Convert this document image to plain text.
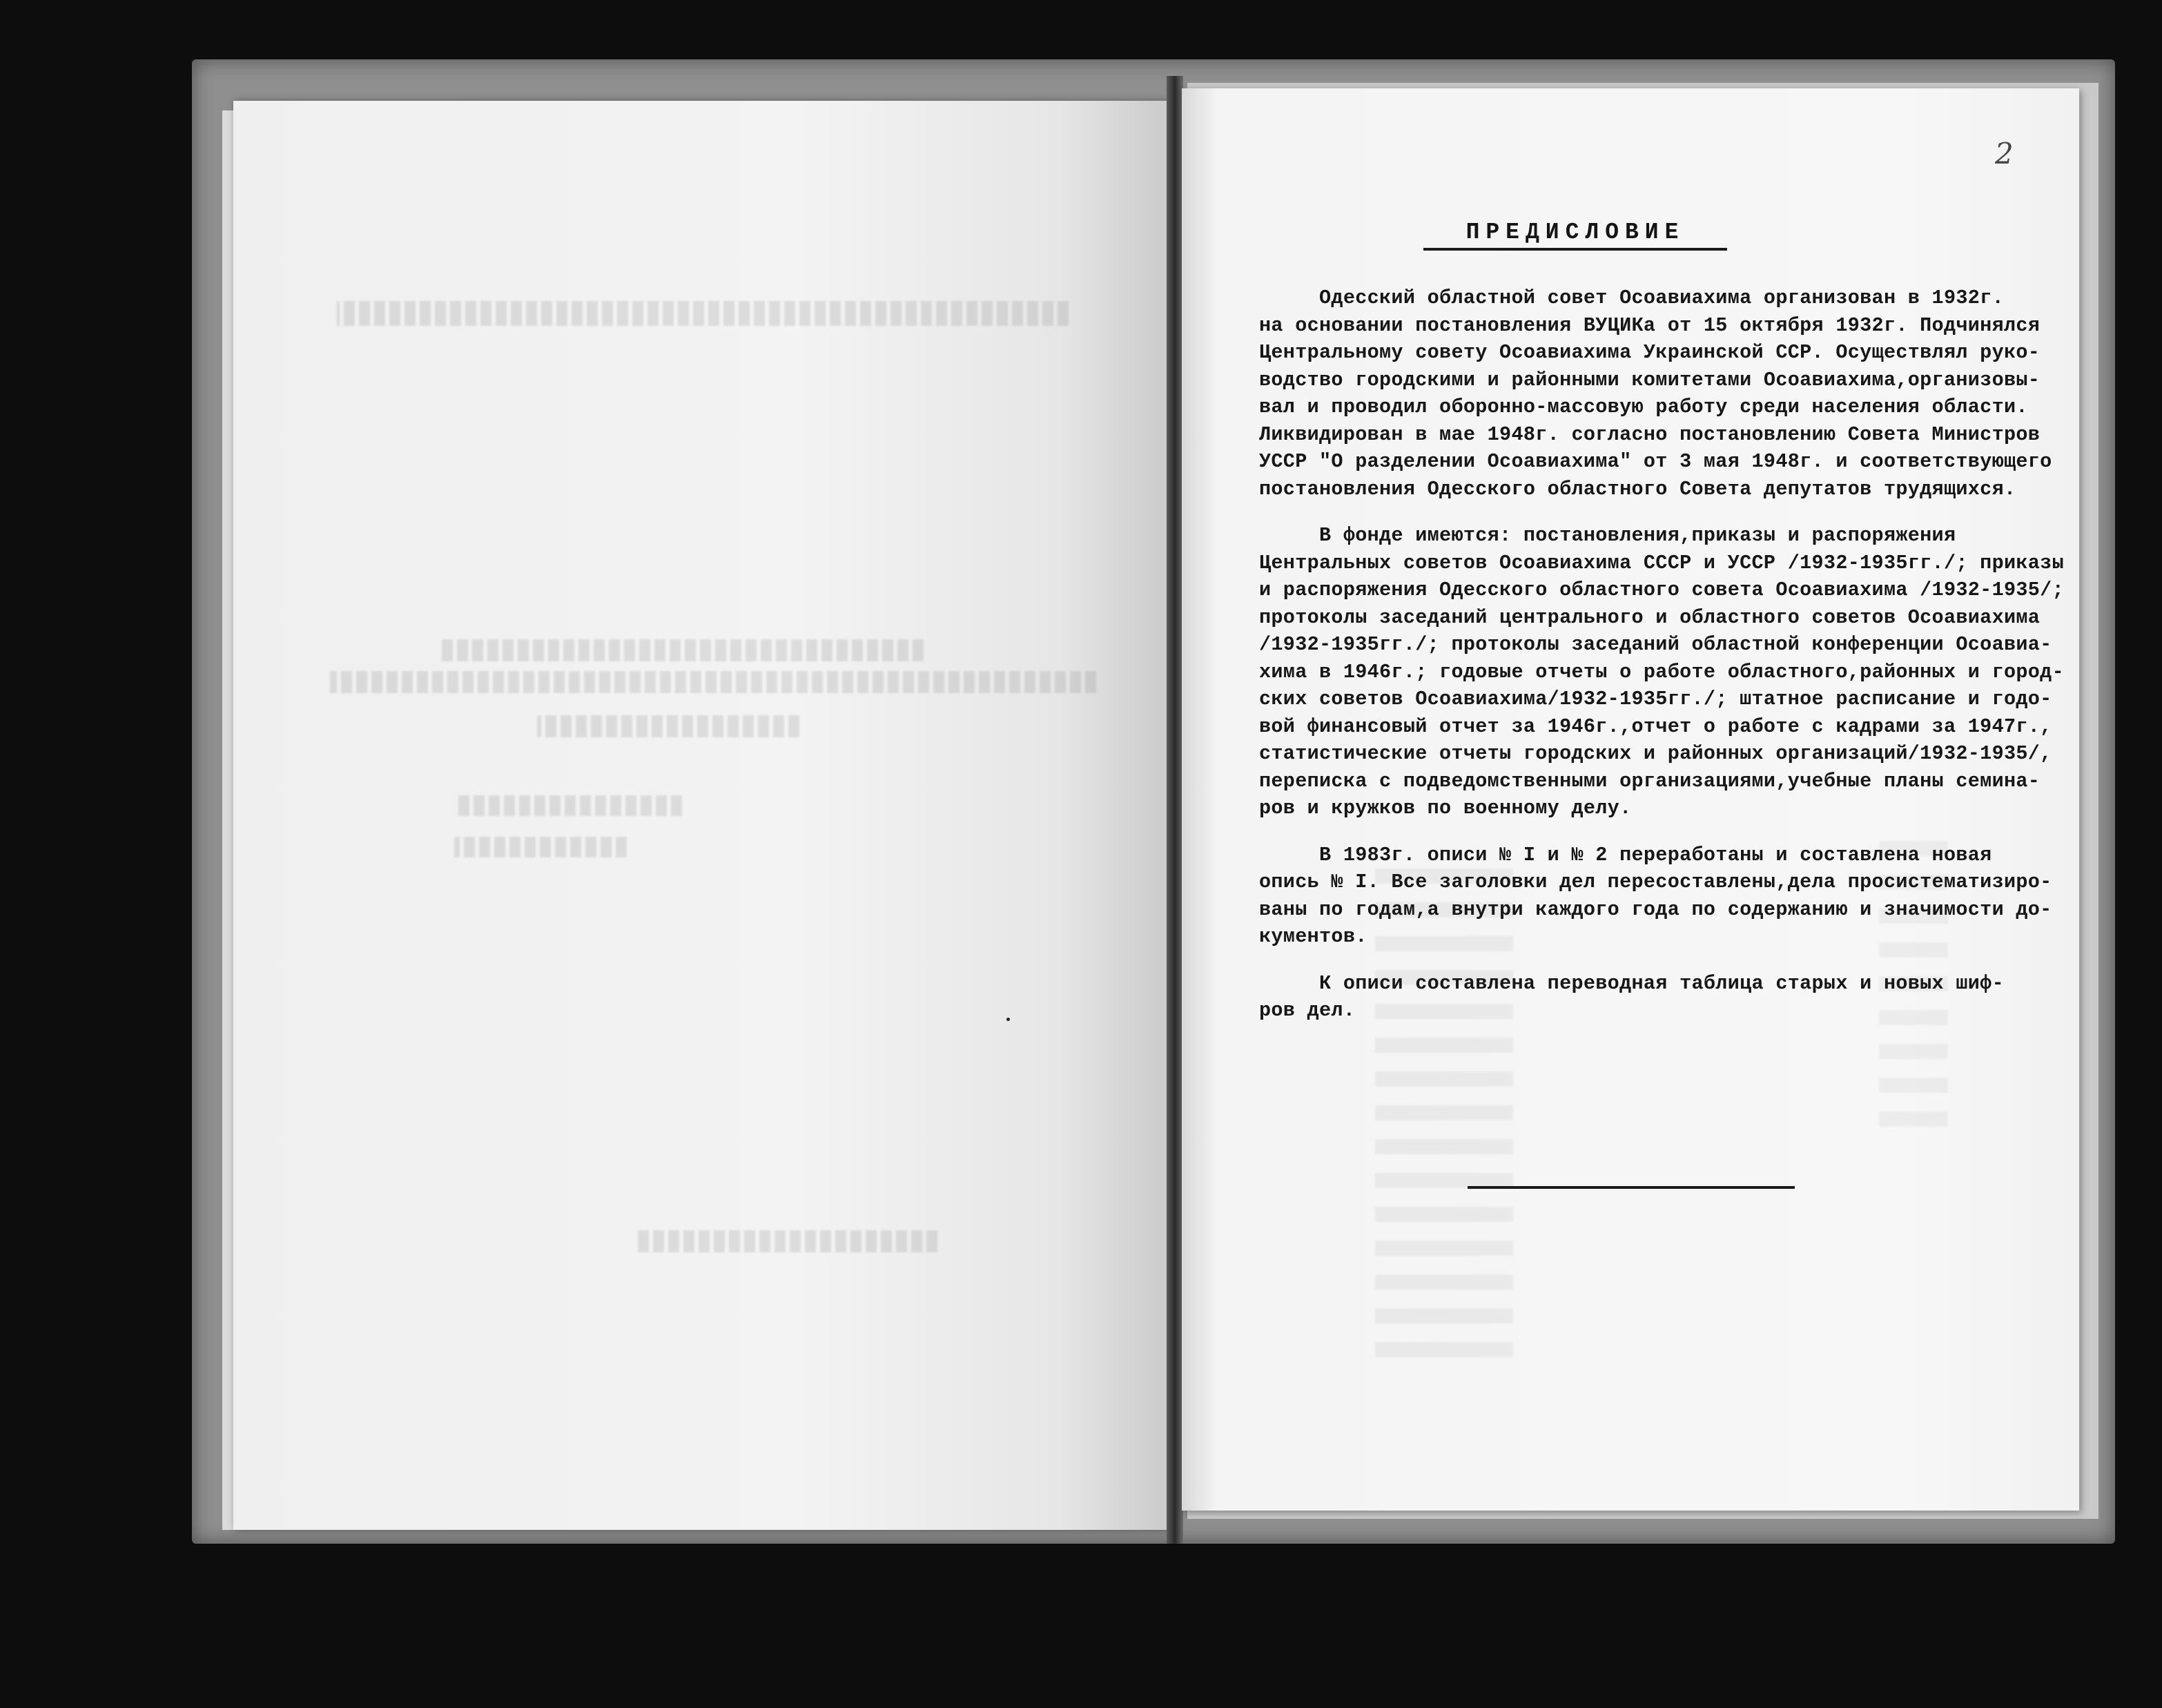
2
ПРЕДИСЛОВИЕ
Одесский областной совет Осоавиахима организован в 1932г.
на основании постановления ВУЦИКа от 15 октября 1932г. Подчинялся
Центральному совету Осоавиахима Украинской ССР. Осуществлял руко-
водство городскими и районными комитетами Осоавиахима,организовы-
вал и проводил оборонно-массовую работу среди населения области.
Ликвидирован в мае 1948г. согласно постановлению Совета Министров
УССР "О разделении Осоавиахима" от 3 мая 1948г. и соответствующего
постановления Одесского областного Совета депутатов трудящихся.
В фонде имеются: постановления,приказы и распоряжения
Центральных советов Осоавиахима СССР и УССР /1932-1935гг./; приказы
и распоряжения Одесского областного совета Осоавиахима /1932-1935/;
протоколы заседаний центрального и областного советов Осоавиахима
/1932-1935гг./; протоколы заседаний областной конференции Осоавиа-
хима в 1946г.; годовые отчеты о работе областного,районных и город-
ских советов Осоавиахима/1932-1935гг./; штатное расписание и годо-
вой финансовый отчет за 1946г.,отчет о работе с кадрами за 1947г.,
статистические отчеты городских и районных организаций/1932-1935/,
переписка с подведомственными организациями,учебные планы семина-
ров и кружков по военному делу.
В 1983г. описи № I и № 2 переработаны и составлена новая
опись № I. Все заголовки дел пересоставлены,дела просистематизиро-
ваны по годам,а внутри каждого года по содержанию и значимости до-
кументов.
К описи составлена переводная таблица старых и новых шиф-
ров дел.
